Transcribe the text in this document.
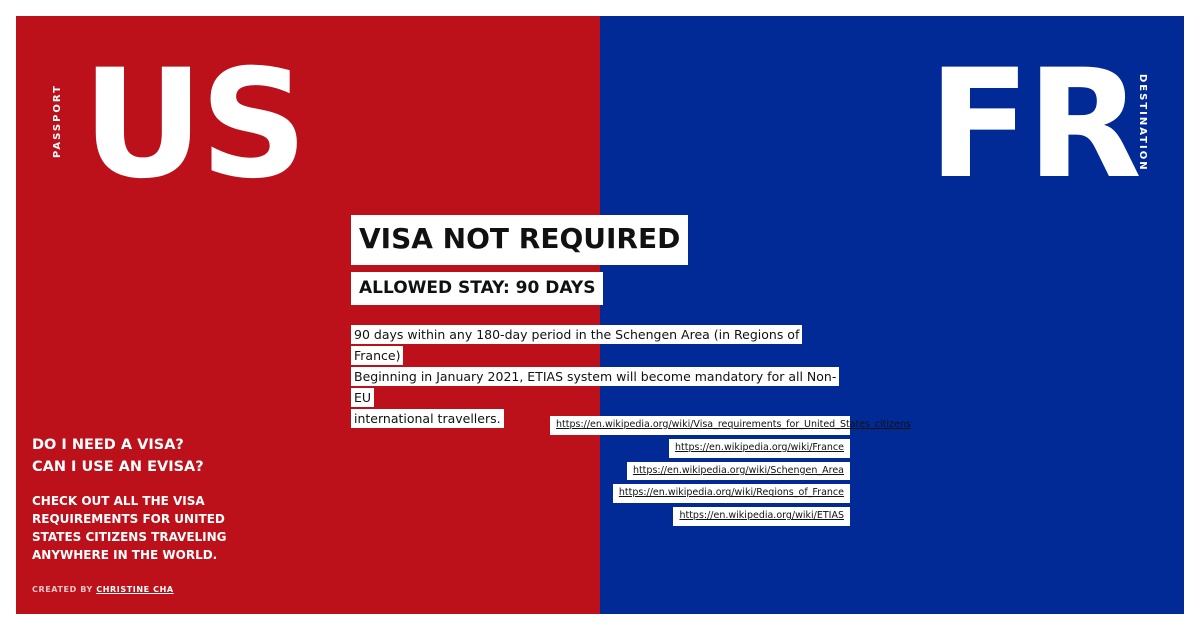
PASSPORT US	FR DESTINATION
VISA NOT REQUIRED
ALLOWED STAY: 90 DAYS
90 days within any 180-day period in the Schengen Area (in Regions of France)
Beginning in January 2021, ETIAS system will become mandatory for all Non-EU
international travellers.	https://en.wikipedia.org/wiki/Visa_requirements_for_United_States_citizens
https://en.wikipedia.org/wiki/France
https://en.wikipedia.org/wiki/Schengen_Area
https://en.wikipedia.org/wiki/Regions_of_France
https://en.wikipedia.org/wiki/ETIAS
DO I NEED A VISA?
CAN I USE AN EVISA?
CHECK OUT ALL THE VISA REQUIREMENTS FOR UNITED STATES CITIZENS TRAVELING ANYWHERE IN THE WORLD.
CREATED BY CHRISTINE CHA
